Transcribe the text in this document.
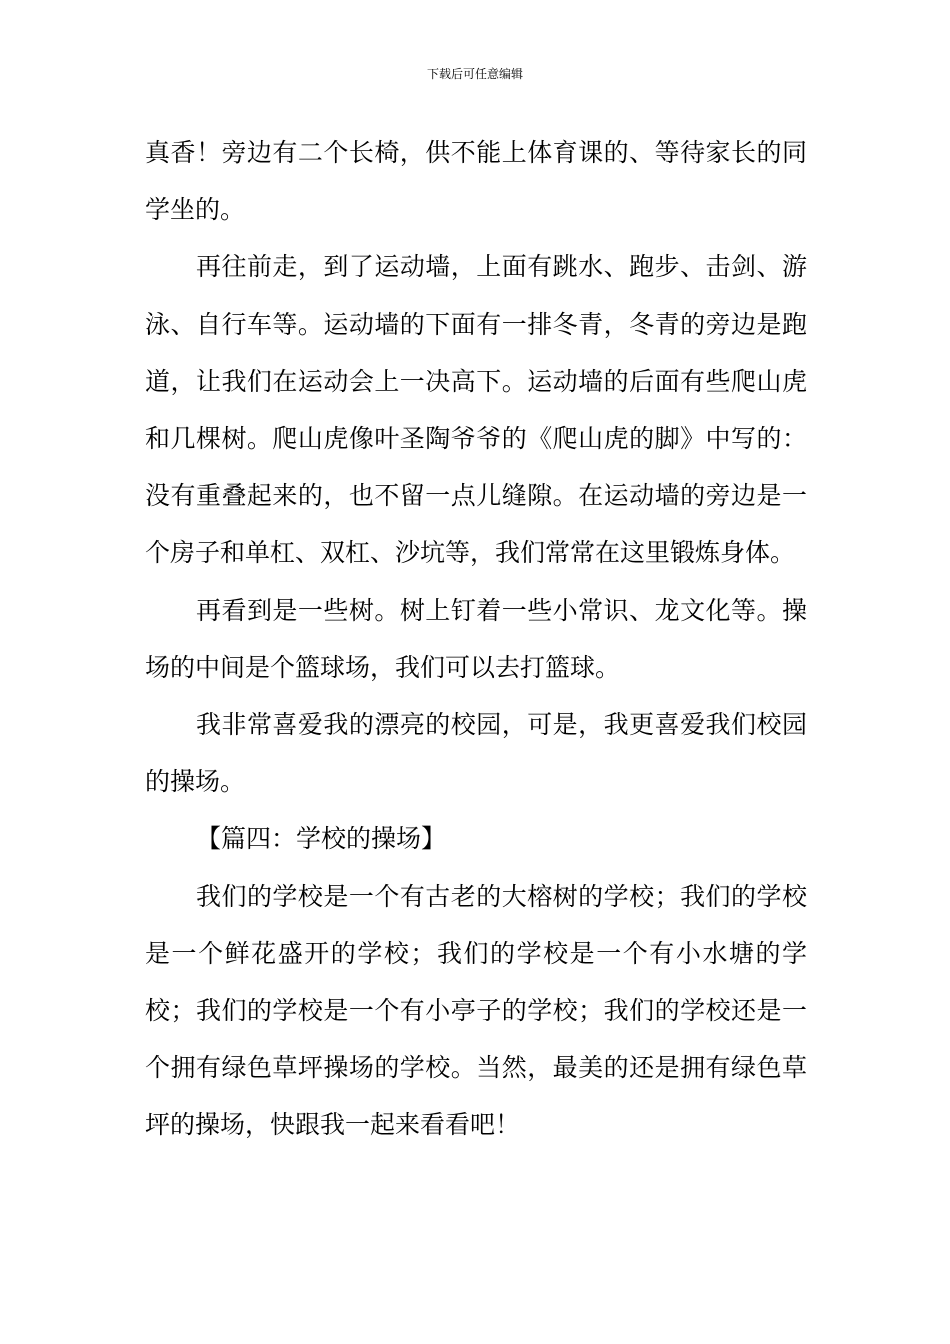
下载后可任意编辑

真香！旁边有二个长椅，供不能上体育课的、等待家长的同学坐的。

再往前走，到了运动墙，上面有跳水、跑步、击剑、游泳、自行车等。运动墙的下面有一排冬青，冬青的旁边是跑道，让我们在运动会上一决高下。运动墙的后面有些爬山虎和几棵树。爬山虎像叶圣陶爷爷的《爬山虎的脚》中写的：没有重叠起来的，也不留一点儿缝隙。在运动墙的旁边是一个房子和单杠、双杠、沙坑等，我们常常在这里锻炼身体。

再看到是一些树。树上钉着一些小常识、龙文化等。操场的中间是个篮球场，我们可以去打篮球。

我非常喜爱我的漂亮的校园，可是，我更喜爱我们校园的操场。

【篇四：学校的操场】

我们的学校是一个有古老的大榕树的学校；我们的学校是一个鲜花盛开的学校；我们的学校是一个有小水塘的学校；我们的学校是一个有小亭子的学校；我们的学校还是一个拥有绿色草坪操场的学校。当然，最美的还是拥有绿色草坪的操场，快跟我一起来看看吧！
